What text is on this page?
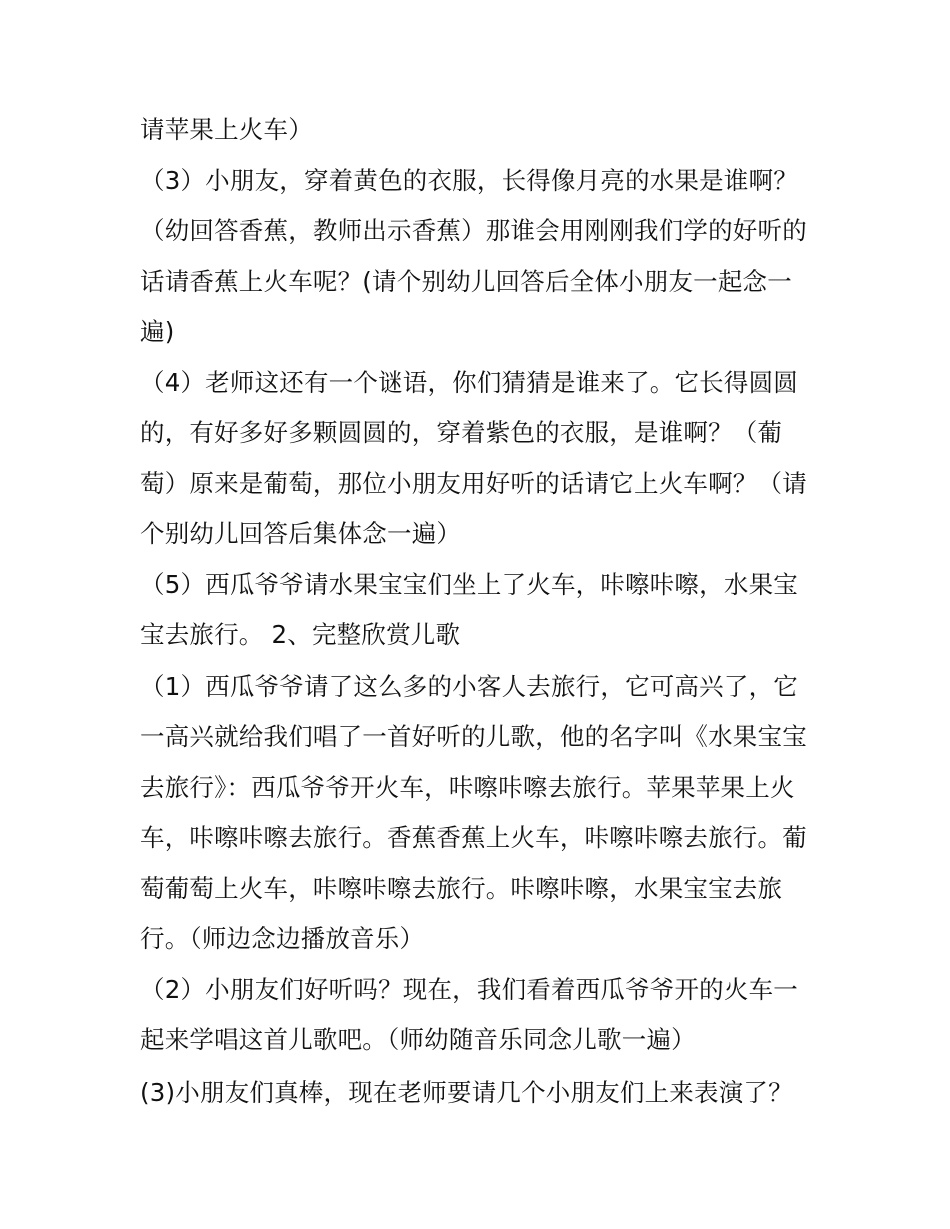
请苹果上火车）

（3）小朋友，穿着黄色的衣服，长得像月亮的水果是谁啊？

（幼回答香蕉，教师出示香蕉）那谁会用刚刚我们学的好听的

话请香蕉上火车呢？(请个别幼儿回答后全体小朋友一起念一

遍)

（4）老师这还有一个谜语，你们猜猜是谁来了。它长得圆圆

的，有好多好多颗圆圆的，穿着紫色的衣服，是谁啊？（葡

萄）原来是葡萄，那位小朋友用好听的话请它上火车啊？（请

个别幼儿回答后集体念一遍）

（5）西瓜爷爷请水果宝宝们坐上了火车，咔嚓咔嚓，水果宝

宝去旅行。 2、完整欣赏儿歌

（1）西瓜爷爷请了这么多的小客人去旅行，它可高兴了，它

一高兴就给我们唱了一首好听的儿歌，他的名字叫《水果宝宝

去旅行》：西瓜爷爷开火车，咔嚓咔嚓去旅行。苹果苹果上火

车，咔嚓咔嚓去旅行。香蕉香蕉上火车，咔嚓咔嚓去旅行。葡

萄葡萄上火车，咔嚓咔嚓去旅行。咔嚓咔嚓，水果宝宝去旅

行。（师边念边播放音乐）

（2）小朋友们好听吗？现在，我们看着西瓜爷爷开的火车一

起来学唱这首儿歌吧。（师幼随音乐同念儿歌一遍）

(3)小朋友们真棒，现在老师要请几个小朋友们上来表演了？
